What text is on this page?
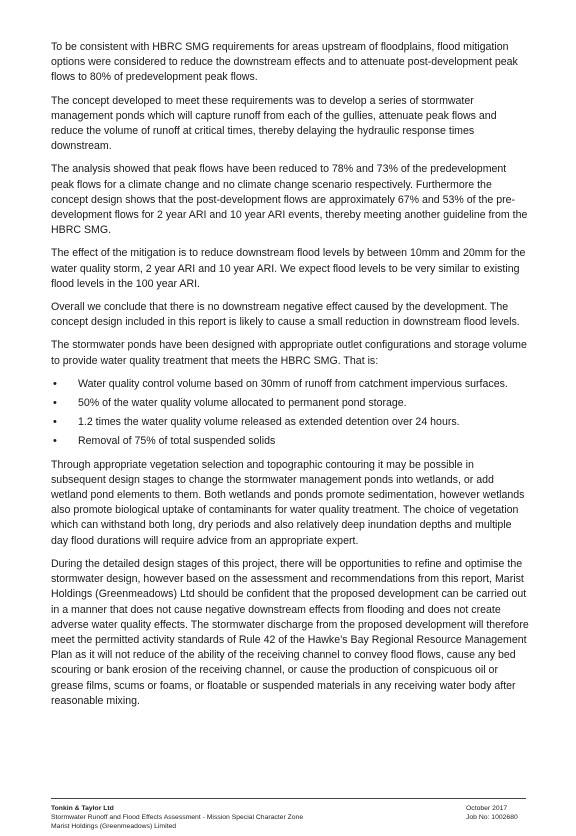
To be consistent with HBRC SMG requirements for areas upstream of floodplains, flood mitigation options were considered to reduce the downstream effects and to attenuate post-development peak flows to 80% of predevelopment peak flows.

The concept developed to meet these requirements was to develop a series of stormwater management ponds which will capture runoff from each of the gullies, attenuate peak flows and reduce the volume of runoff at critical times, thereby delaying the hydraulic response times downstream.

The analysis showed that peak flows have been reduced to 78% and 73% of the predevelopment peak flows for a climate change and no climate change scenario respectively. Furthermore the concept design shows that the post-development flows are approximately 67% and 53% of the pre-development flows for 2 year ARI and 10 year ARI events, thereby meeting another guideline from the HBRC SMG.

The effect of the mitigation is to reduce downstream flood levels by between 10mm and 20mm for the water quality storm, 2 year ARI and 10 year ARI. We expect flood levels to be very similar to existing flood levels in the 100 year ARI.

Overall we conclude that there is no downstream negative effect caused by the development. The concept design included in this report is likely to cause a small reduction in downstream flood levels.

The stormwater ponds have been designed with appropriate outlet configurations and storage volume to provide water quality treatment that meets the HBRC SMG. That is:

• Water quality control volume based on 30mm of runoff from catchment impervious surfaces.
• 50% of the water quality volume allocated to permanent pond storage.
• 1.2 times the water quality volume released as extended detention over 24 hours.
• Removal of 75% of total suspended solids

Through appropriate vegetation selection and topographic contouring it may be possible in subsequent design stages to change the stormwater management ponds into wetlands, or add wetland pond elements to them. Both wetlands and ponds promote sedimentation, however wetlands also promote biological uptake of contaminants for water quality treatment. The choice of vegetation which can withstand both long, dry periods and also relatively deep inundation depths and multiple day flood durations will require advice from an appropriate expert.

During the detailed design stages of this project, there will be opportunities to refine and optimise the stormwater design, however based on the assessment and recommendations from this report, Marist Holdings (Greenmeadows) Ltd should be confident that the proposed development can be carried out in a manner that does not cause negative downstream effects from flooding and does not create adverse water quality effects. The stormwater discharge from the proposed development will therefore meet the permitted activity standards of Rule 42 of the Hawke’s Bay Regional Resource Management Plan as it will not reduce of the ability of the receiving channel to convey flood flows, cause any bed scouring or bank erosion of the receiving channel, or cause the production of conspicuous oil or grease films, scums or foams, or floatable or suspended materials in any receiving water body after reasonable mixing.

Tonkin & Taylor Ltd
Stormwater Runoff and Flood Effects Assessment - Mission Special Character Zone
Marist Holdings (Greenmeadows) Limited
October 2017
Job No: 1002680
